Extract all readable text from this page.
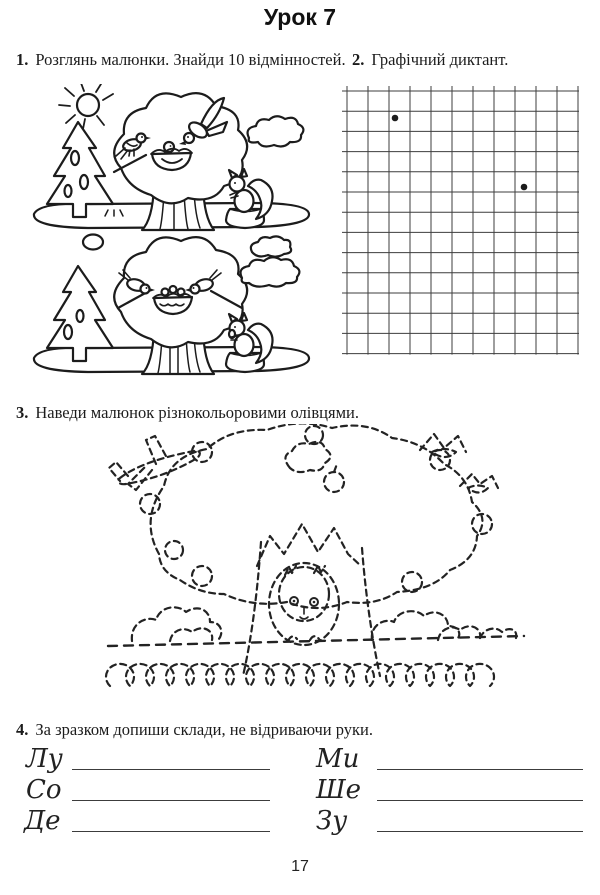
Урок 7
1. Розглянь малюнки. Знайди 10 відмінностей. 2. Графічний диктант.
3. Наведи малюнок різнокольоровими олівцями.
4. За зразком допиши склади, не відриваючи руки.
Лу	Ми
Со	Ше
Де	Зу
17
